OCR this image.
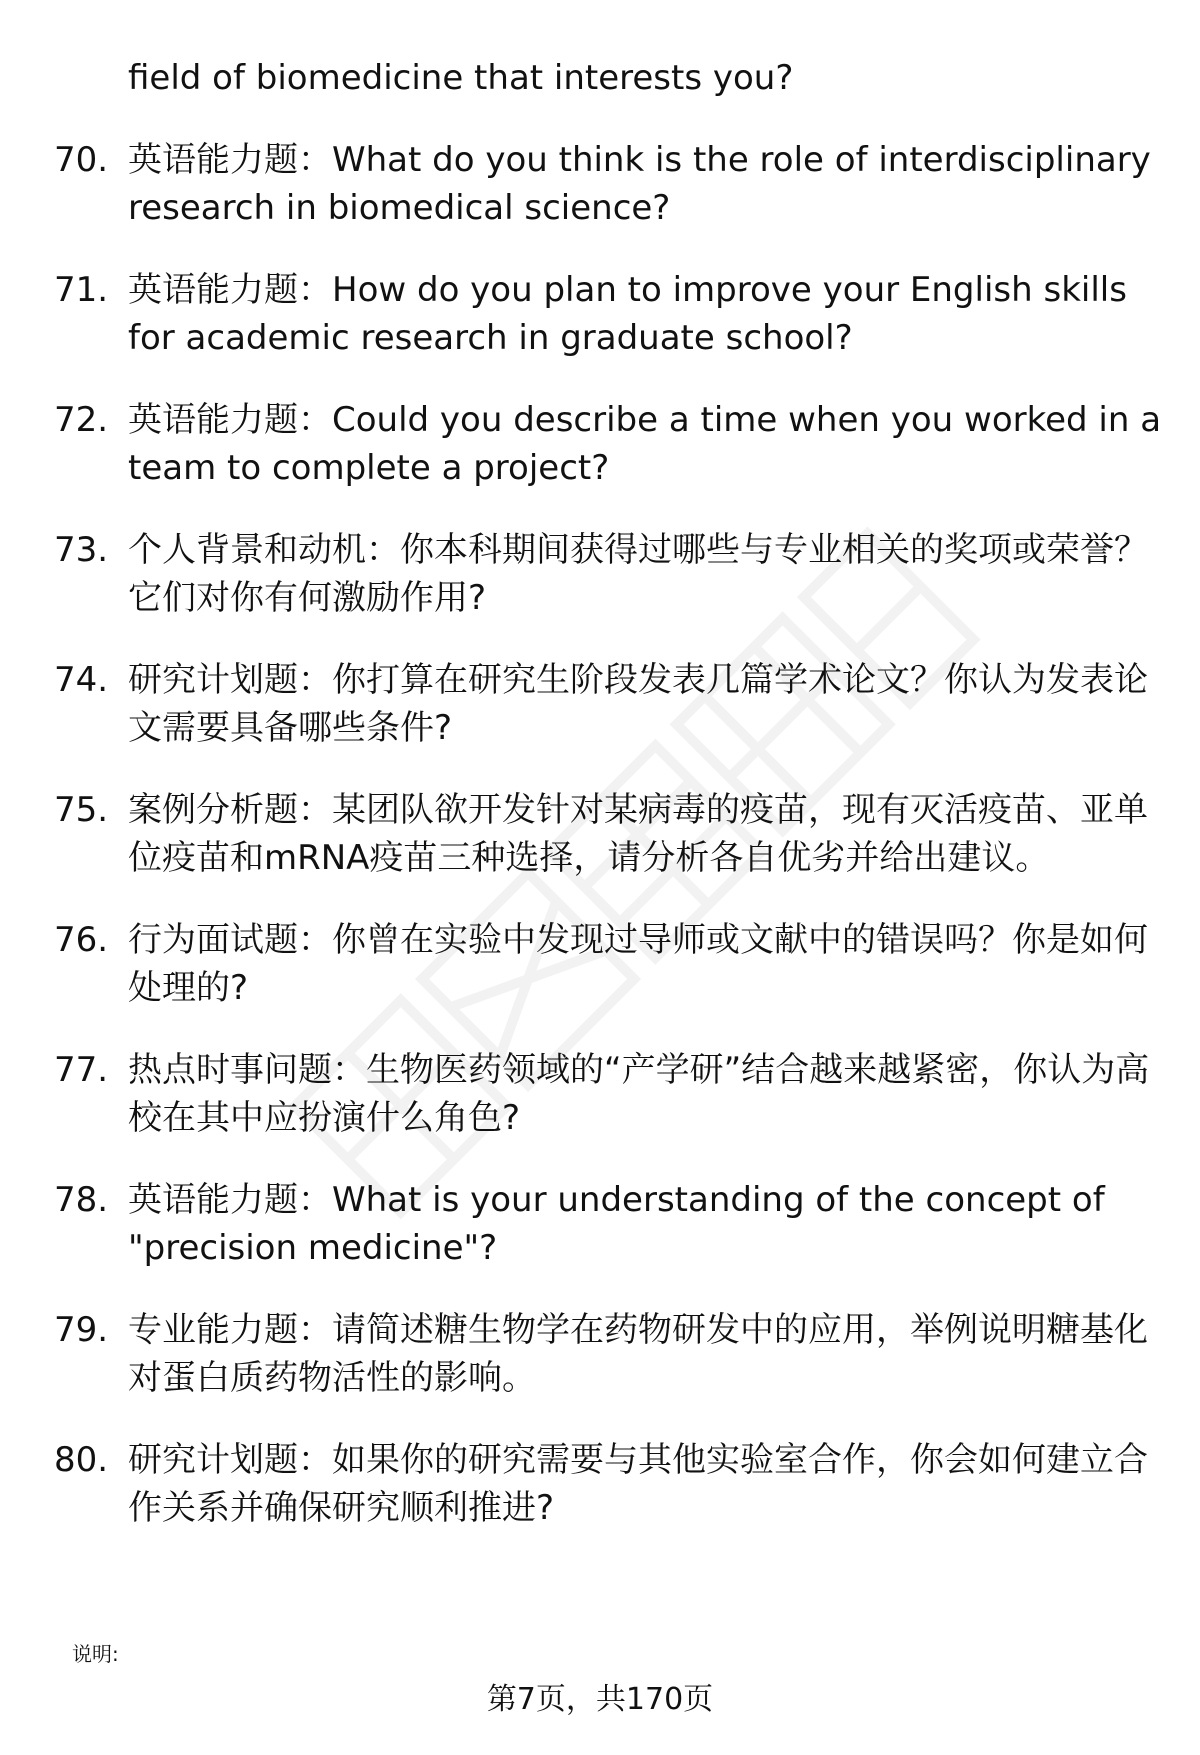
field of biomedicine that interests you?
70. 英语能力题：What do you think is the role of interdisciplinary research in biomedical science?
71. 英语能力题：How do you plan to improve your English skills for academic research in graduate school?
72. 英语能力题：Could you describe a time when you worked in a team to complete a project?
73. 个人背景和动机：你本科期间获得过哪些与专业相关的奖项或荣誉？它们对你有何激励作用?
74. 研究计划题：你打算在研究生阶段发表几篇学术论文？你认为发表论文需要具备哪些条件?
75. 案例分析题：某团队欲开发针对某病毒的疫苗，现有灭活疫苗、亚单位疫苗和mRNA疫苗三种选择，请分析各自优劣并给出建议。
76. 行为面试题：你曾在实验中发现过导师或文献中的错误吗？你是如何处理的?
77. 热点时事问题：生物医药领域的“产学研”结合越来越紧密，你认为高校在其中应扮演什么角色?
78. 英语能力题：What is your understanding of the concept of "precision medicine"?
79. 专业能力题：请简述糖生物学在药物研发中的应用，举例说明糖基化对蛋白质药物活性的影响。
80. 研究计划题：如果你的研究需要与其他实验室合作，你会如何建立合作关系并确保研究顺利推进?
说明:
第7页，共170页
